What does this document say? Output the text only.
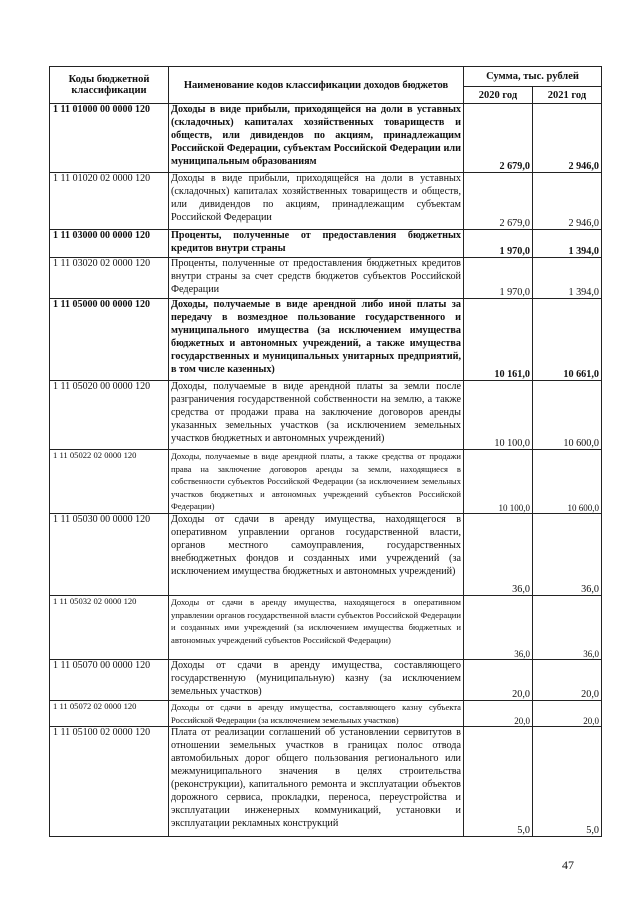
Коды бюджетной классификации	Наименование кодов классификации доходов бюджетов	Сумма, тыс. рублей	
		2020 год	2021 год
1 11 01000 00 0000 120	Доходы в виде прибыли, приходящейся на доли в уставных (складочных) капиталах хозяйственных товариществ и обществ, или дивидендов по акциям, принадлежащим Российской Федерации, субъектам Российской Федерации или муниципальным образованиям	2 679,0	2 946,0
1 11 01020 02 0000 120	Доходы в виде прибыли, приходящейся на доли в уставных (складочных) капиталах хозяйственных товариществ и обществ, или дивидендов по акциям, принадлежащим субъектам Российской Федерации	2 679,0	2 946,0
1 11 03000 00 0000 120	Проценты, полученные от предоставления бюджетных кредитов внутри страны	1 970,0	1 394,0
1 11 03020 02 0000 120	Проценты, полученные от предоставления бюджетных кредитов внутри страны за счет средств бюджетов субъектов Российской Федерации	1 970,0	1 394,0
1 11 05000 00 0000 120	Доходы, получаемые в виде арендной либо иной платы за передачу в возмездное пользование государственного и муниципального имущества (за исключением имущества бюджетных и автономных учреждений, а также имущества государственных и муниципальных унитарных предприятий, в том числе казенных)	10 161,0	10 661,0
1 11 05020 00 0000 120	Доходы, получаемые в виде арендной платы за земли после разграничения государственной собственности на землю, а также средства от продажи права на заключение договоров аренды указанных земельных участков (за исключением земельных участков бюджетных и автономных учреждений)	10 100,0	10 600,0
1 11 05022 02 0000 120	Доходы, получаемые в виде арендной платы, а также средства от продажи права на заключение договоров аренды за земли, находящиеся в собственности субъектов Российской Федерации (за исключением земельных участков бюджетных и автономных учреждений субъектов Российской Федерации)	10 100,0	10 600,0
1 11 05030 00 0000 120	Доходы от сдачи в аренду имущества, находящегося в оперативном управлении органов государственной власти, органов местного самоуправления, государственных внебюджетных фондов и созданных ими учреждений (за исключением имущества бюджетных и автономных учреждений)	36,0	36,0
1 11 05032 02 0000 120	Доходы от сдачи в аренду имущества, находящегося в оперативном управлении органов государственной власти субъектов Российской Федерации и созданных ими учреждений (за исключением имущества бюджетных и автономных учреждений субъектов Российской Федерации)	36,0	36,0
1 11 05070 00 0000 120	Доходы от сдачи в аренду имущества, составляющего государственную (муниципальную) казну (за исключением земельных участков)	20,0	20,0
1 11 05072 02 0000 120	Доходы от сдачи в аренду имущества, составляющего казну субъекта Российской Федерации (за исключением земельных участков)	20,0	20,0
1 11 05100 02 0000 120	Плата от реализации соглашений об установлении сервитутов в отношении земельных участков в границах полос отвода автомобильных дорог общего пользования регионального или межмуниципального значения в целях строительства (реконструкции), капитального ремонта и эксплуатации объектов дорожного сервиса, прокладки, переноса, переустройства и эксплуатации инженерных коммуникаций, установки и эксплуатации рекламных конструкций	5,0	5,0
47
